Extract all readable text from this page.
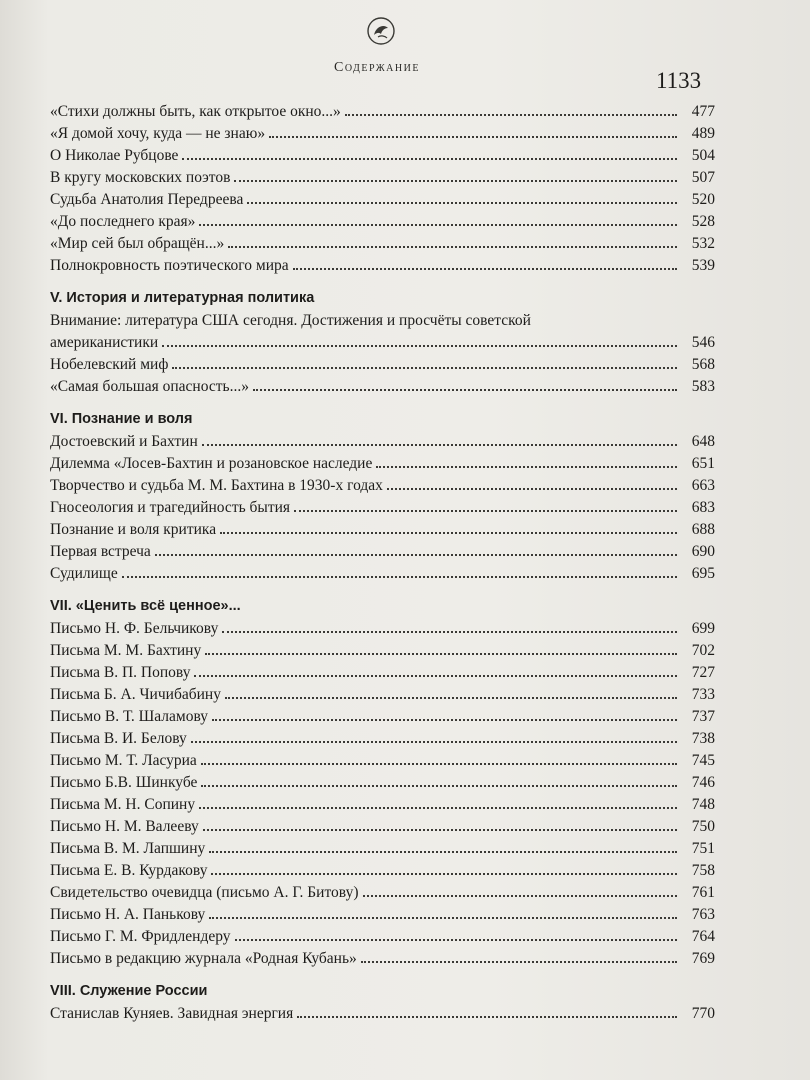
Содержание
1133
«Стихи должны быть, как открытое окно...»	477
«Я домой хочу, куда — не знаю»	489
О Николае Рубцове	504
В кругу московских поэтов	507
Судьба Анатолия Передреева	520
«До последнего края»	528
«Мир сей был обращён...»	532
Полнокровность поэтического мира	539
V. История и литературная политика
Внимание: литература США сегодня. Достижения и просчёты советской
американистики	546
Нобелевский миф	568
«Самая большая опасность...»	583
VI. Познание и воля
Достоевский и Бахтин	648
Дилемма «Лосев-Бахтин и розановское наследие	651
Творчество и судьба М. М. Бахтина в 1930-х годах	663
Гносеология и трагедийность бытия	683
Познание и воля критика	688
Первая встреча	690
Судилище	695
VII. «Ценить всё ценное»...
Письмо Н. Ф. Бельчикову	699
Письма М. М. Бахтину	702
Письма В. П. Попову	727
Письма Б. А. Чичибабину	733
Письмо В. Т. Шаламову	737
Письма В. И. Белову	738
Письмо М. Т. Ласуриа	745
Письмо Б.В. Шинкубе	746
Письма М. Н. Сопину	748
Письмо Н. М. Валееву	750
Письма В. М. Лапшину	751
Письма Е. В. Курдакову	758
Свидетельство очевидца (письмо А. Г. Битову)	761
Письмо Н. А. Панькову	763
Письмо Г. М. Фридлендеру	764
Письмо в редакцию журнала «Родная Кубань»	769
VIII. Служение России
Станислав Куняев. Завидная энергия	770
